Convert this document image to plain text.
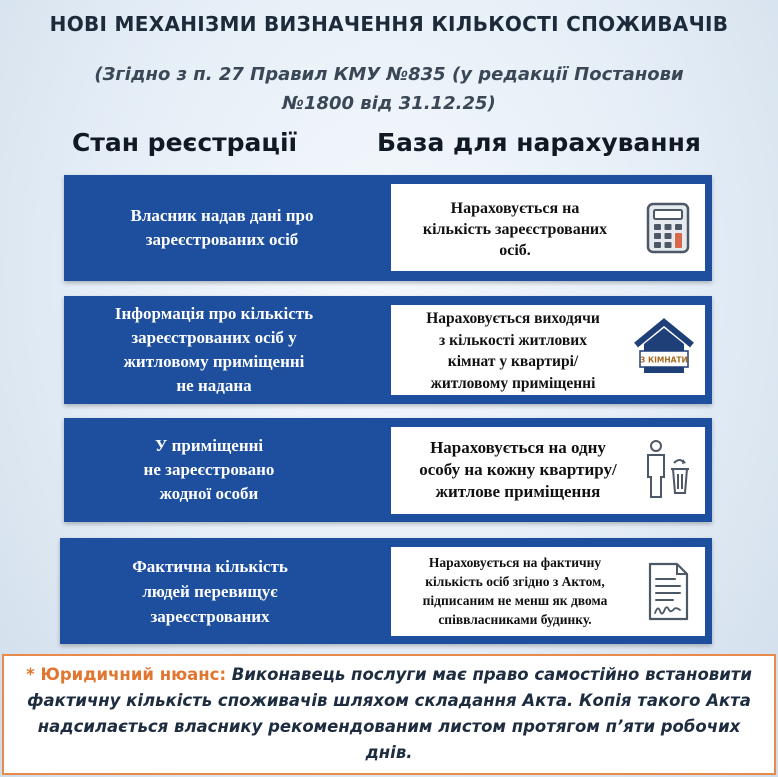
НОВІ МЕХАНІЗМИ ВИЗНАЧЕННЯ КІЛЬКОСТІ СПОЖИВАЧІВ
(Згідно з п. 27 Правил КМУ №835 (у редакції Постанови
№1800 від 31.12.25)
Стан реєстрації	База для нарахування
Власник надав дані про
зареєстрованих осіб
Нараховується на
кількість зареєстрованих
осіб.
Інформація про кількість
зареєстрованих осіб у
житловому приміщенні
не надана
Нараховується виходячи
з кількості житлових
кімнат у квартирі/
житловому приміщенні
3 КІМНАТИ
У приміщенні
не зареєстровано
жодної особи
Нараховується на одну
особу на кожну квартиру/
житлове приміщення
Фактична кількість
людей перевищує
зареєстрованих
Нараховується на фактичну
кількість осіб згідно з Актом,
підписаним не менш як двома
співвласниками будинку.
* Юридичний нюанс: Виконавець послуги має право самостійно встановити фактичну кількість споживачів шляхом складання Акта. Копія такого Акта надсилається власнику рекомендованим листом протягом п’яти робочих днів.
